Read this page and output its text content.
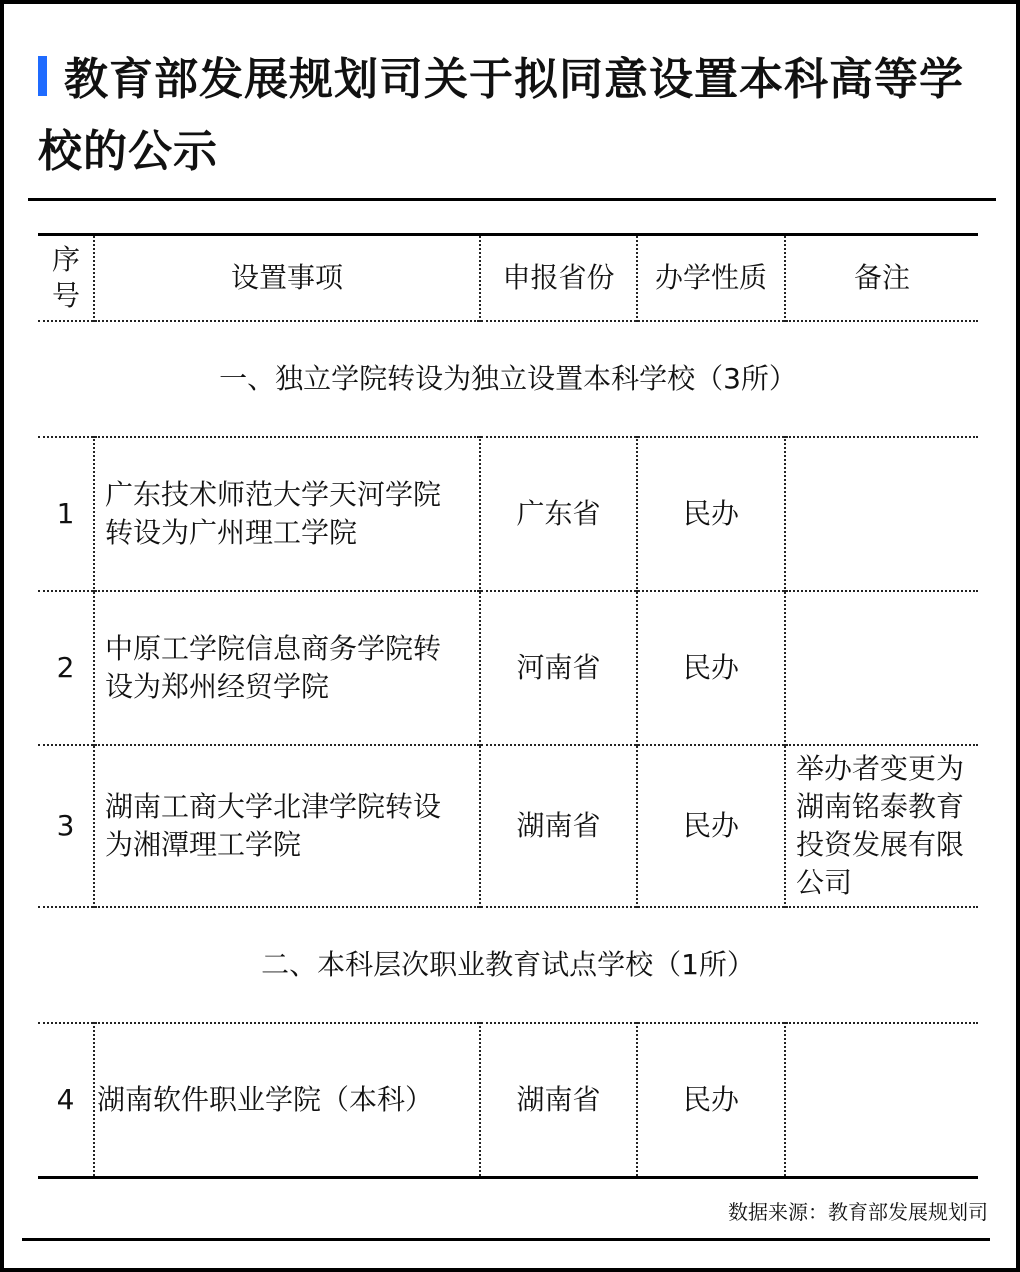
教育部发展规划司关于拟同意设置本科高等学校的公示
序号	设置事项	申报省份	办学性质	备注
一、独立学院转设为独立设置本科学校（3所）				
1	广东技术师范大学天河学院转设为广州理工学院	广东省	民办	
2	中原工学院信息商务学院转设为郑州经贸学院	河南省	民办	
3	湖南工商大学北津学院转设为湘潭理工学院	湖南省	民办	举办者变更为湖南铭泰教育投资发展有限公司
二、本科层次职业教育试点学校（1所）				
4	湖南软件职业学院（本科）	湖南省	民办	
数据来源：教育部发展规划司
